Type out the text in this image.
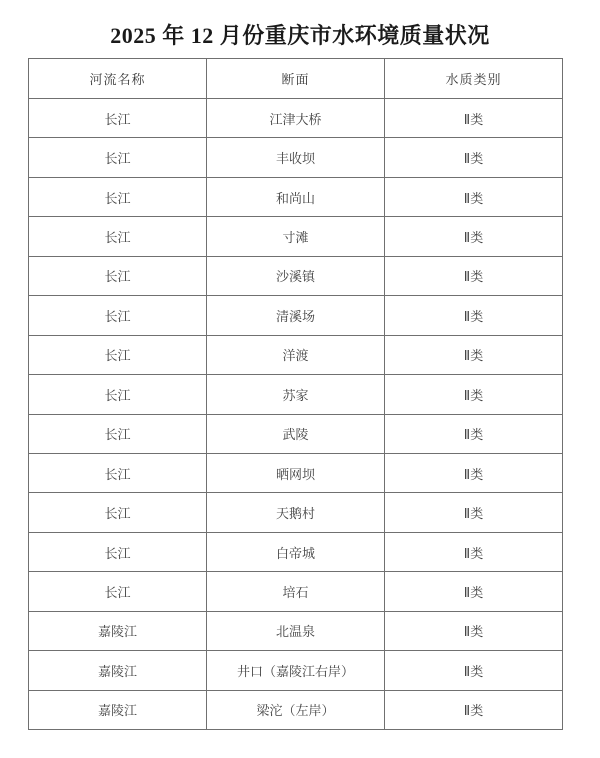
2025 年 12 月份重庆市水环境质量状况
河流名称	断面	水质类别
长江	江津大桥	Ⅱ类
长江	丰收坝	Ⅱ类
长江	和尚山	Ⅱ类
长江	寸滩	Ⅱ类
长江	沙溪镇	Ⅱ类
长江	清溪场	Ⅱ类
长江	洋渡	Ⅱ类
长江	苏家	Ⅱ类
长江	武陵	Ⅱ类
长江	晒网坝	Ⅱ类
长江	天鹅村	Ⅱ类
长江	白帝城	Ⅱ类
长江	培石	Ⅱ类
嘉陵江	北温泉	Ⅱ类
嘉陵江	井口（嘉陵江右岸）	Ⅱ类
嘉陵江	梁沱（左岸）	Ⅱ类
